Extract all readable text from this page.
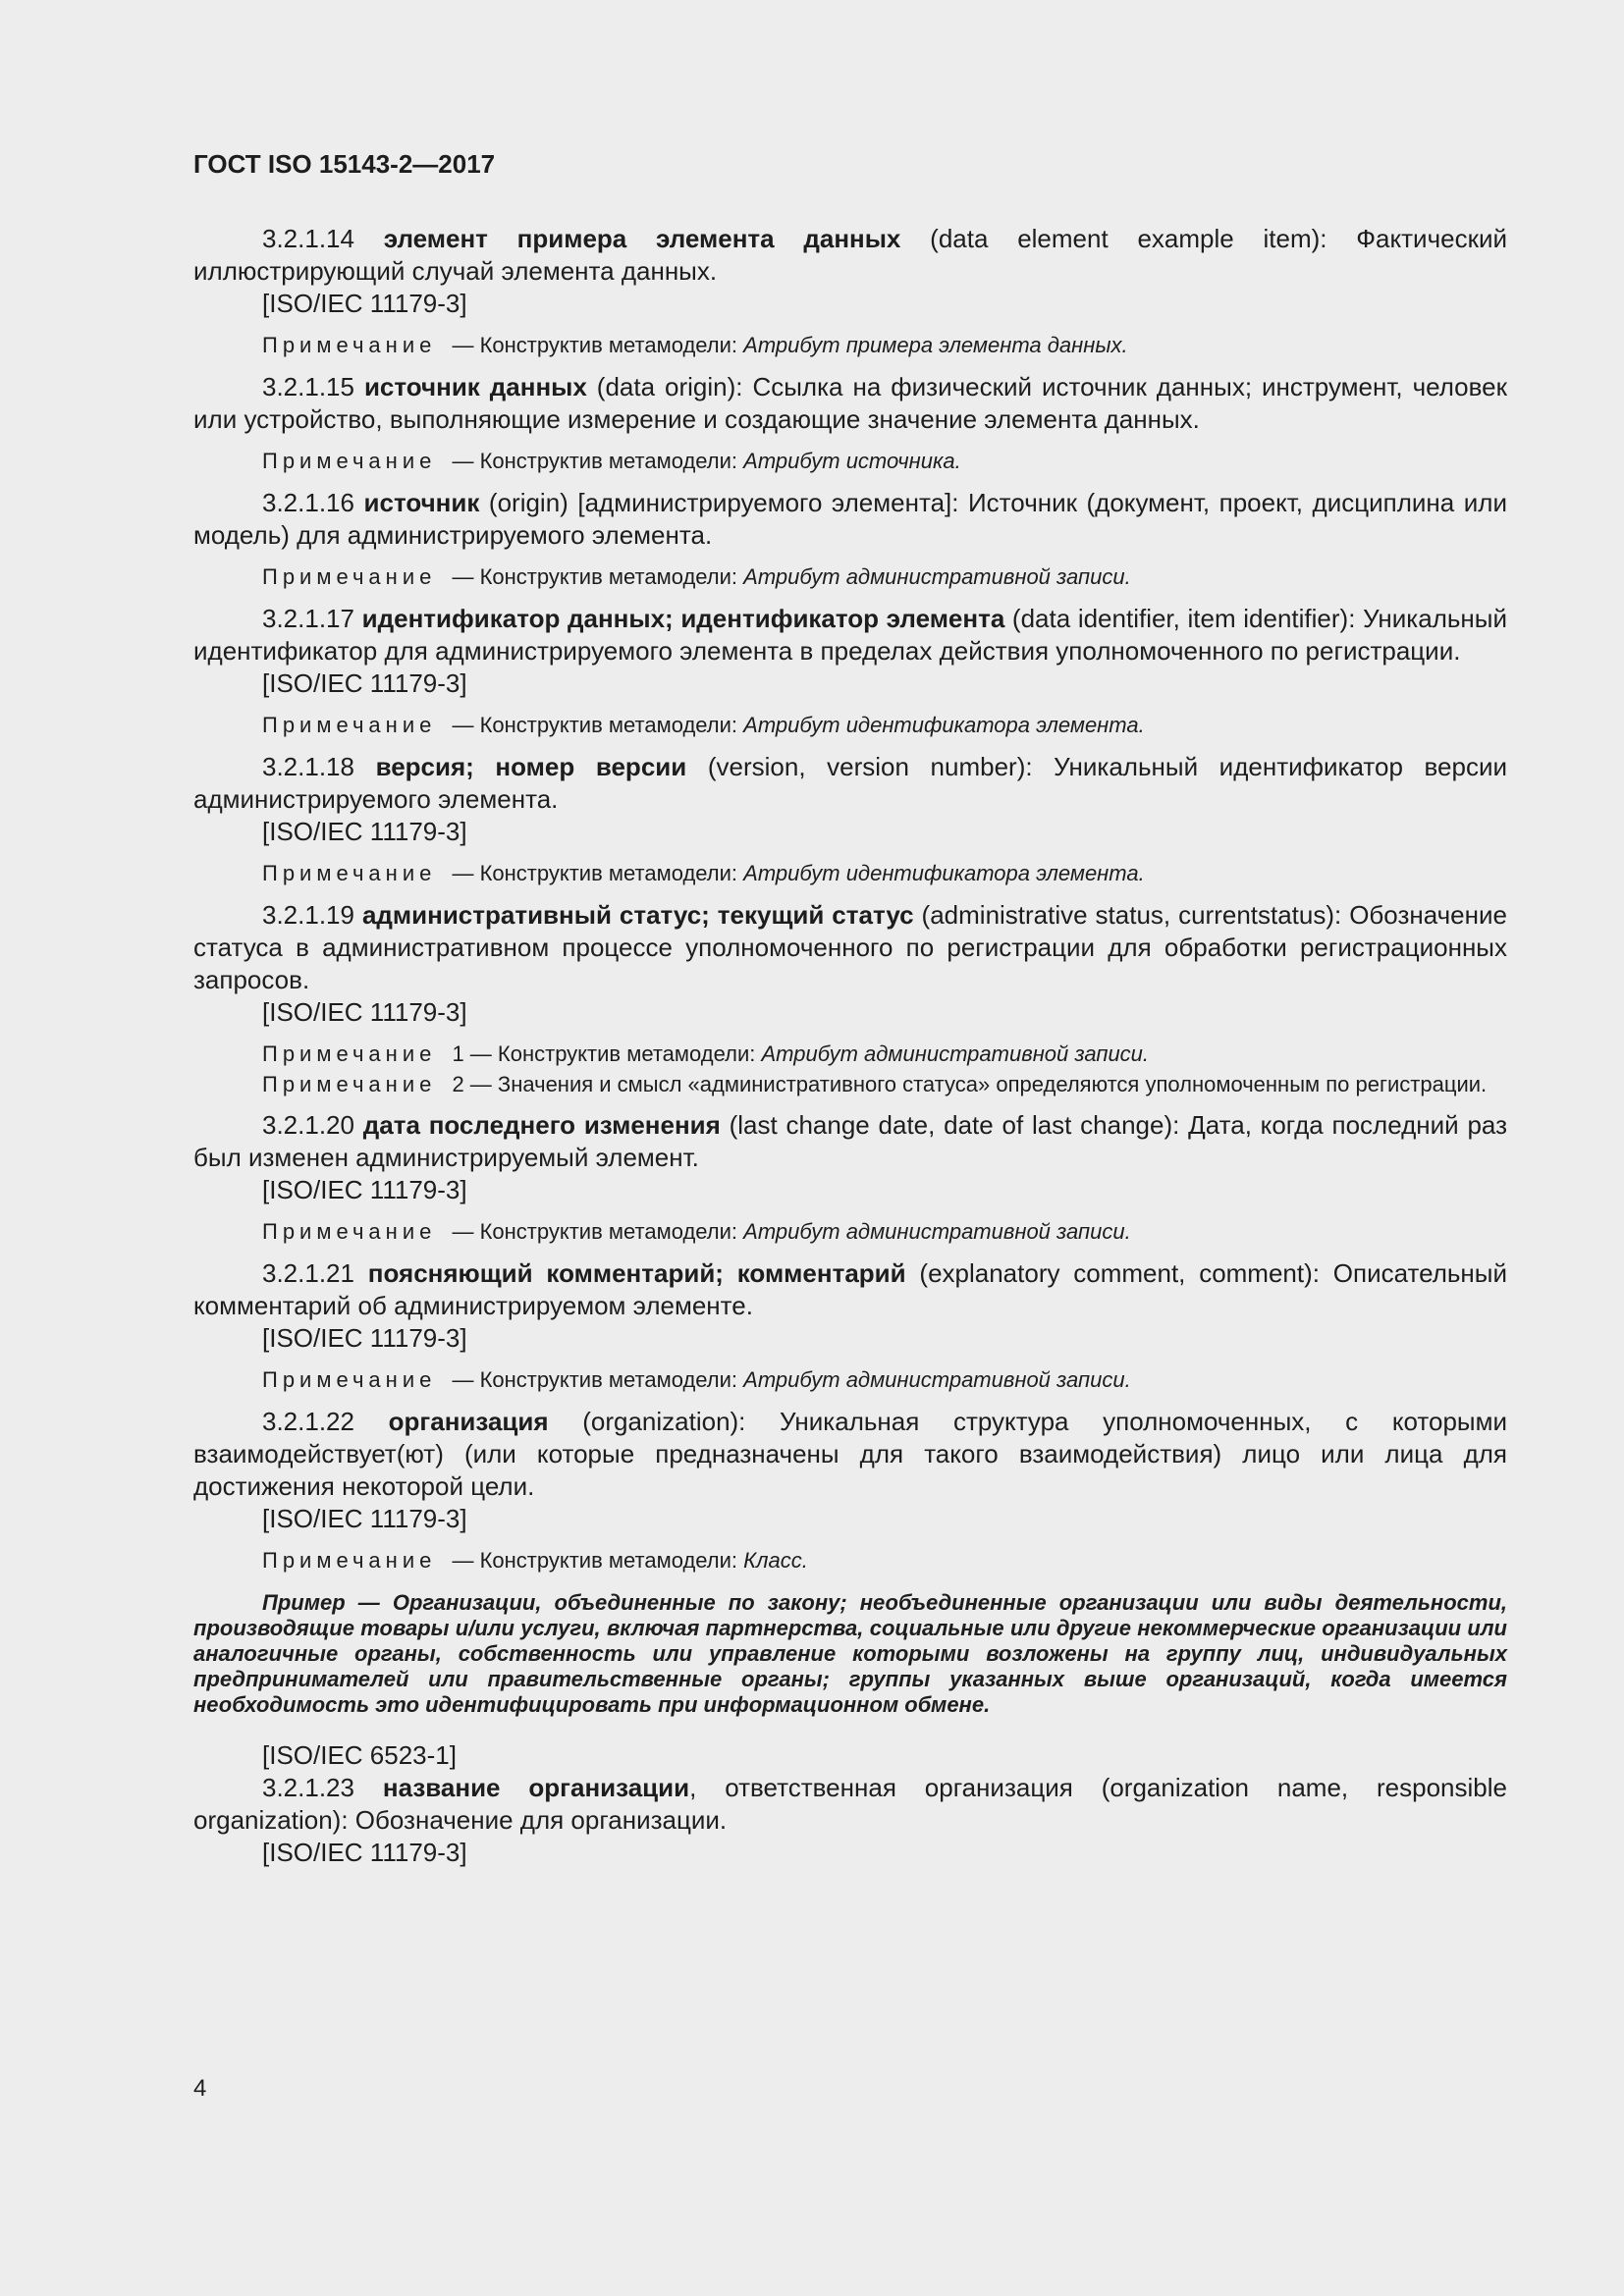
ГОСТ ISO 15143-2—2017

3.2.1.14 элемент примера элемента данных (data element example item): Фактический иллюстрирующий случай элемента данных.

[ISO/IEC 11179-3]

Примечание — Конструктив метамодели: Атрибут примера элемента данных.

3.2.1.15 источник данных (data origin): Ссылка на физический источник данных; инструмент, человек или устройство, выполняющие измерение и создающие значение элемента данных.

Примечание — Конструктив метамодели: Атрибут источника.

3.2.1.16 источник (origin) [администрируемого элемента]: Источник (документ, проект, дисциплина или модель) для администрируемого элемента.

Примечание — Конструктив метамодели: Атрибут административной записи.

3.2.1.17 идентификатор данных; идентификатор элемента (data identifier, item identifier): Уникальный идентификатор для администрируемого элемента в пределах действия уполномоченного по регистрации.

[ISO/IEC 11179-3]

Примечание — Конструктив метамодели: Атрибут идентификатора элемента.

3.2.1.18 версия; номер версии (version, version number): Уникальный идентификатор версии администрируемого элемента.

[ISO/IEC 11179-3]

Примечание — Конструктив метамодели: Атрибут идентификатора элемента.

3.2.1.19 административный статус; текущий статус (administrative status, currentstatus): Обозначение статуса в административном процессе уполномоченного по регистрации для обработки регистрационных запросов.

[ISO/IEC 11179-3]

Примечание 1 — Конструктив метамодели: Атрибут административной записи.

Примечание 2 — Значения и смысл «административного статуса» определяются уполномоченным по регистрации.

3.2.1.20 дата последнего изменения (last change date, date of last change): Дата, когда последний раз был изменен администрируемый элемент.

[ISO/IEC 11179-3]

Примечание — Конструктив метамодели: Атрибут административной записи.

3.2.1.21 поясняющий комментарий; комментарий (explanatory comment, comment): Описательный комментарий об администрируемом элементе.

[ISO/IEC 11179-3]

Примечание — Конструктив метамодели: Атрибут административной записи.

3.2.1.22 организация (organization): Уникальная структура уполномоченных, с которыми взаимодействует(ют) (или которые предназначены для такого взаимодействия) лицо или лица для достижения некоторой цели.

[ISO/IEC 11179-3]

Примечание — Конструктив метамодели: Класс.

Пример — Организации, объединенные по закону; необъединенные организации или виды деятельности, производящие товары и/или услуги, включая партнерства, социальные или другие некоммерческие организации или аналогичные органы, собственность или управление которыми возложены на группу лиц, индивидуальных предпринимателей или правительственные органы; группы указанных выше организаций, когда имеется необходимость это идентифицировать при информационном обмене.

[ISO/IEC 6523-1]

3.2.1.23 название организации, ответственная организация (organization name, responsible organization): Обозначение для организации.

[ISO/IEC 11179-3]

4
